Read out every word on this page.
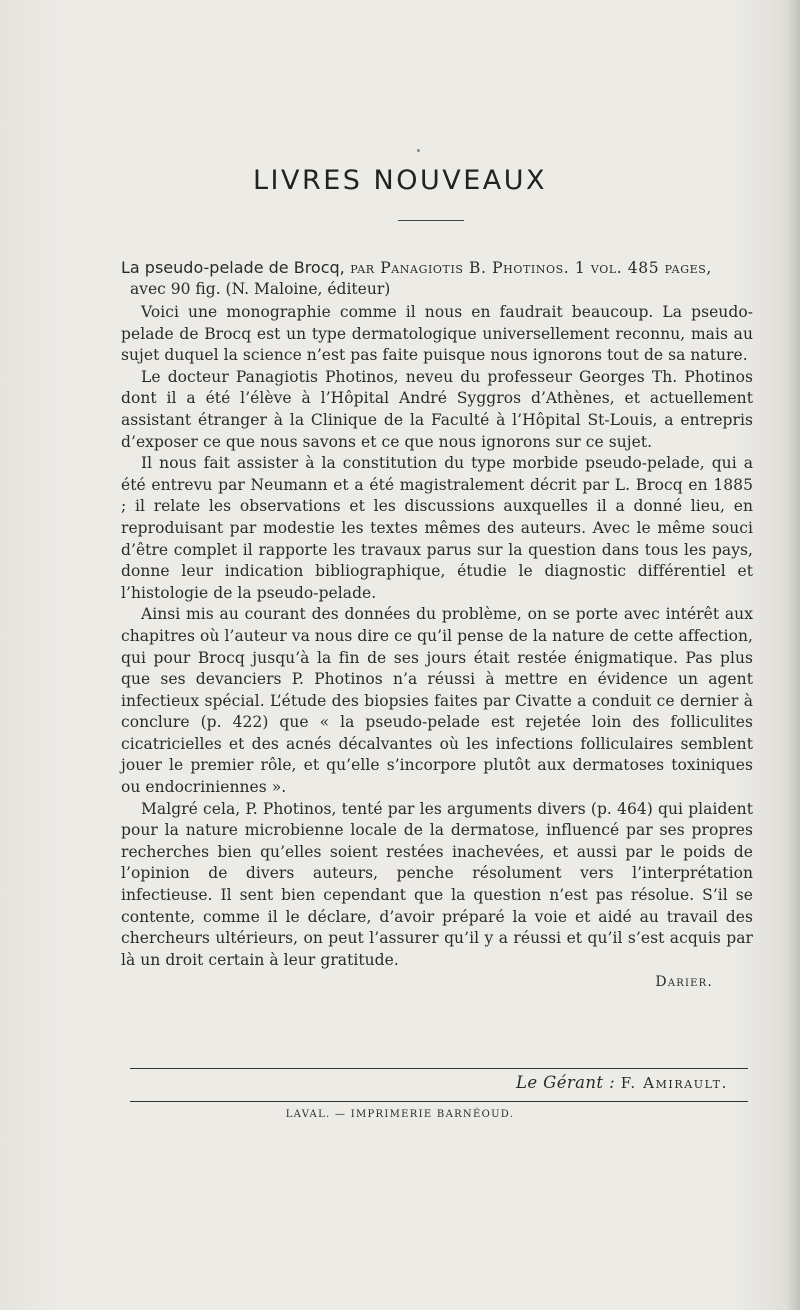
LIVRES NOUVEAUX

La pseudo-pelade de Brocq, par Panagiotis B. Photinos. 1 vol. 485 pages,

avec 90 fig. (N. Maloine, éditeur)

Voici une monographie comme il nous en faudrait beaucoup. La pseudo-pelade de Brocq est un type dermatologique universellement reconnu, mais au sujet duquel la science n’est pas faite puisque nous ignorons tout de sa nature.

Le docteur Panagiotis Photinos, neveu du professeur Georges Th. Photinos dont il a été l’élève à l’Hôpital André Syggros d’Athènes, et actuellement assistant étranger à la Clinique de la Faculté à l’Hôpital St-Louis, a entrepris d’exposer ce que nous savons et ce que nous ignorons sur ce sujet.

Il nous fait assister à la constitution du type morbide pseudo-pelade, qui a été entrevu par Neumann et a été magistralement décrit par L. Brocq en 1885 ; il relate les observations et les discussions auxquelles il a donné lieu, en reproduisant par modestie les textes mêmes des auteurs. Avec le même souci d’être complet il rapporte les travaux parus sur la question dans tous les pays, donne leur indication bibliographique, étudie le diagnostic différentiel et l’histologie de la pseudo-pelade.

Ainsi mis au courant des données du problème, on se porte avec intérêt aux chapitres où l’auteur va nous dire ce qu’il pense de la nature de cette affection, qui pour Brocq jusqu’à la fin de ses jours était restée énigmatique. Pas plus que ses devanciers P. Photinos n’a réussi à mettre en évidence un agent infectieux spécial. L’étude des biopsies faites par Civatte a conduit ce dernier à conclure (p. 422) que « la pseudo-pelade est rejetée loin des folliculites cicatricielles et des acnés décalvantes où les infections folliculaires semblent jouer le premier rôle, et qu’elle s’incorpore plutôt aux dermatoses toxiniques ou endocriniennes ».

Malgré cela, P. Photinos, tenté par les arguments divers (p. 464) qui plaident pour la nature microbienne locale de la dermatose, influencé par ses propres recherches bien qu’elles soient restées inachevées, et aussi par le poids de l’opinion de divers auteurs, penche résolument vers l’interprétation infectieuse. Il sent bien cependant que la question n’est pas résolue. S’il se contente, comme il le déclare, d’avoir préparé la voie et aidé au travail des chercheurs ultérieurs, on peut l’assurer qu’il y a réussi et qu’il s’est acquis par là un droit certain à leur gratitude.

Darier.

Le Gérant : F. Amirault.
LAVAL. — IMPRIMERIE BARNÉOUD.
